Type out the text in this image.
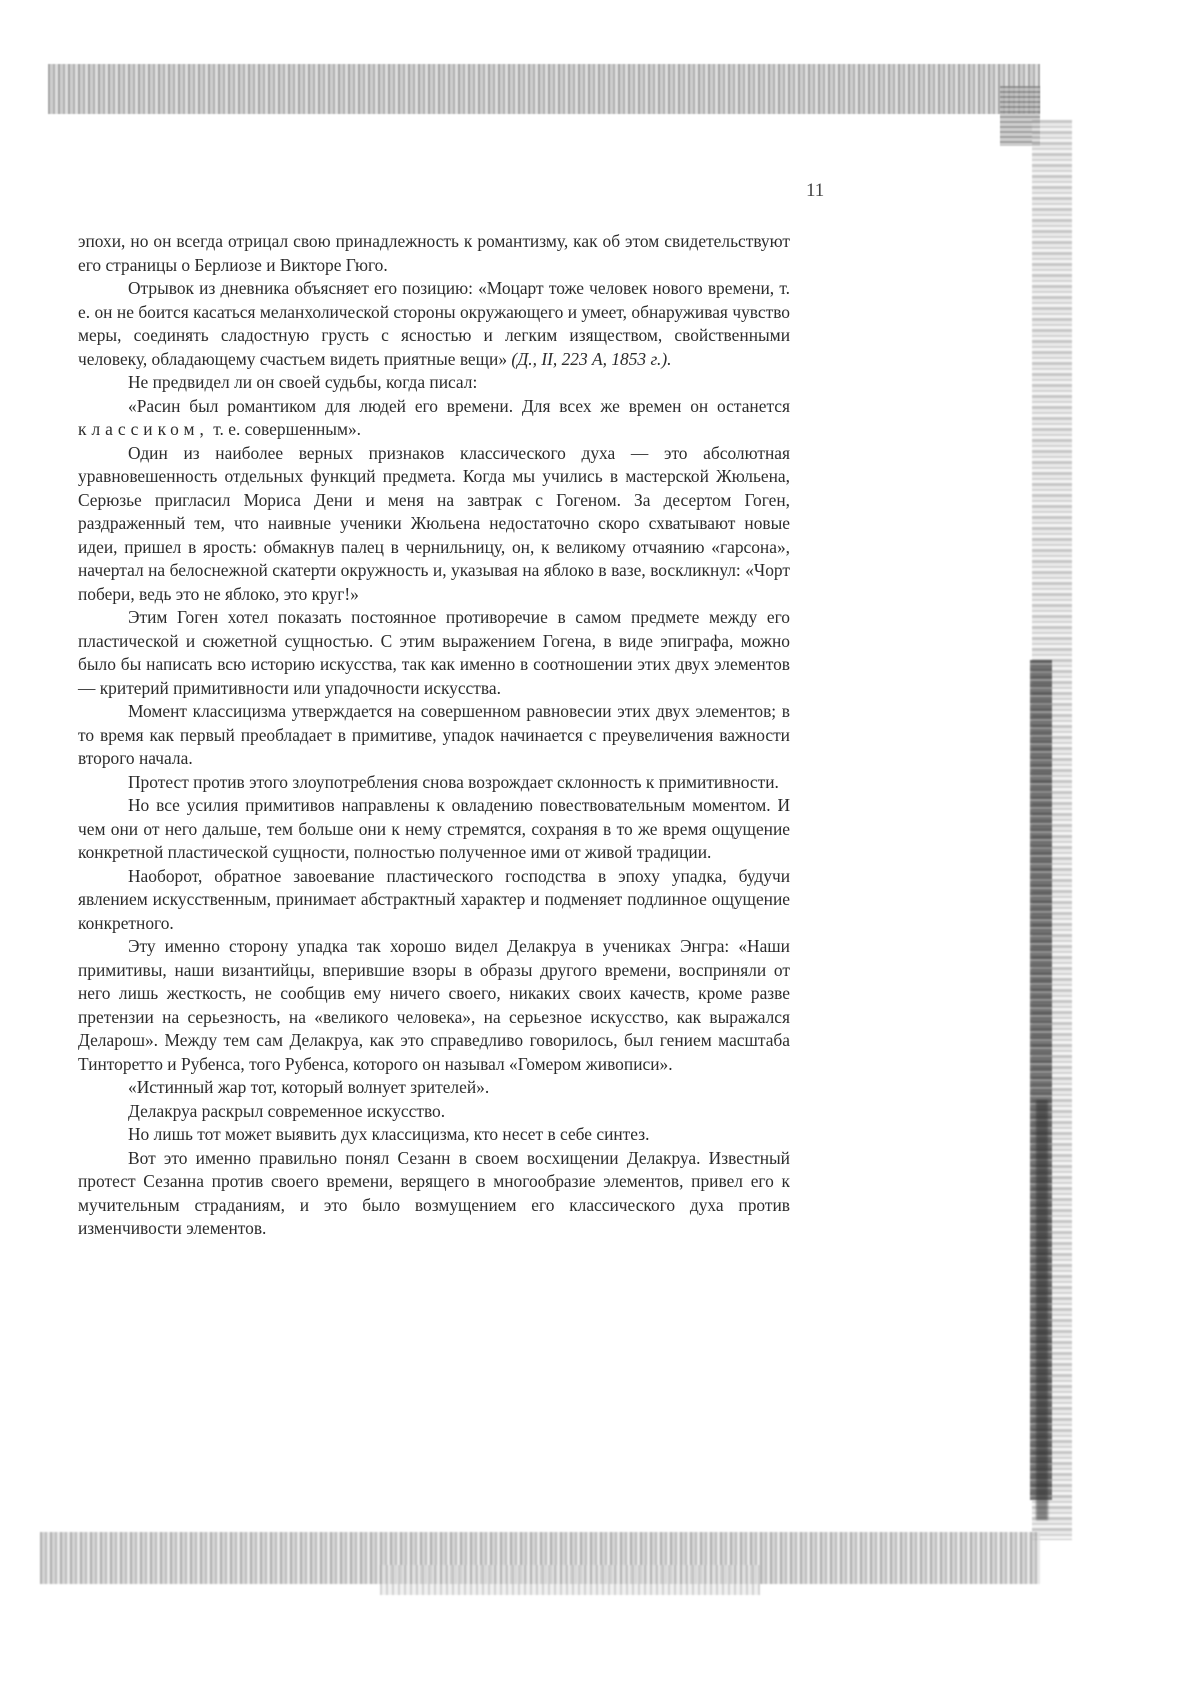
11

эпохи, но он всегда отрицал свою принадлежность к романтизму, как об этом свидетельствуют его страницы о Берлиозе и Викторе Гюго.

Отрывок из дневника объясняет его позицию: «Моцарт тоже человек нового времени, т. е. он не боится касаться меланхолической стороны окружающего и умеет, обнаруживая чувство меры, соединять сладостную грусть с ясностью и легким изяществом, свойственными человеку, обладающему счастьем видеть приятные вещи» (Д., II, 223 А, 1853 г.).

Не предвидел ли он своей судьбы, когда писал:

«Расин был романтиком для людей его времени. Для всех же времен он останется классиком, т. е. совершенным».

Один из наиболее верных признаков классического духа — это абсолютная уравновешенность отдельных функций предмета. Когда мы учились в мастерской Жюльена, Серюзье пригласил Мориса Дени и меня на завтрак с Гогеном. За десертом Гоген, раздраженный тем, что наивные ученики Жюльена недостаточно скоро схватывают новые идеи, пришел в ярость: обмакнув палец в чернильницу, он, к великому отчаянию «гарсона», начертал на белоснежной скатерти окружность и, указывая на яблоко в вазе, воскликнул: «Чорт побери, ведь это не яблоко, это круг!»

Этим Гоген хотел показать постоянное противоречие в самом предмете между его пластической и сюжетной сущностью. С этим выражением Гогена, в виде эпиграфа, можно было бы написать всю историю искусства, так как именно в соотношении этих двух элементов — критерий примитивности или упадочности искусства.

Момент классицизма утверждается на совершенном равновесии этих двух элементов; в то время как первый преобладает в примитиве, упадок начинается с преувеличения важности второго начала.

Протест против этого злоупотребления снова возрождает склонность к примитивности.

Но все усилия примитивов направлены к овладению повествовательным моментом. И чем они от него дальше, тем больше они к нему стремятся, сохраняя в то же время ощущение конкретной пластической сущности, полностью полученное ими от живой традиции.

Наоборот, обратное завоевание пластического господства в эпоху упадка, будучи явлением искусственным, принимает абстрактный характер и подменяет подлинное ощущение конкретного.

Эту именно сторону упадка так хорошо видел Делакруа в учениках Энгра: «Наши примитивы, наши византийцы, вперившие взоры в образы другого времени, восприняли от него лишь жесткость, не сообщив ему ничего своего, никаких своих качеств, кроме разве претензии на серьезность, на «великого человека», на серьезное искусство, как выражался Деларош». Между тем сам Делакруа, как это справедливо говорилось, был гением масштаба Тинторетто и Рубенса, того Рубенса, которого он называл «Гомером живописи».

«Истинный жар тот, который волнует зрителей».

Делакруа раскрыл современное искусство.

Но лишь тот может выявить дух классицизма, кто несет в себе синтез.

Вот это именно правильно понял Сезанн в своем восхищении Делакруа. Известный протест Сезанна против своего времени, верящего в многообразие элементов, привел его к мучительным страданиям, и это было возмущением его классического духа против изменчивости элементов.
